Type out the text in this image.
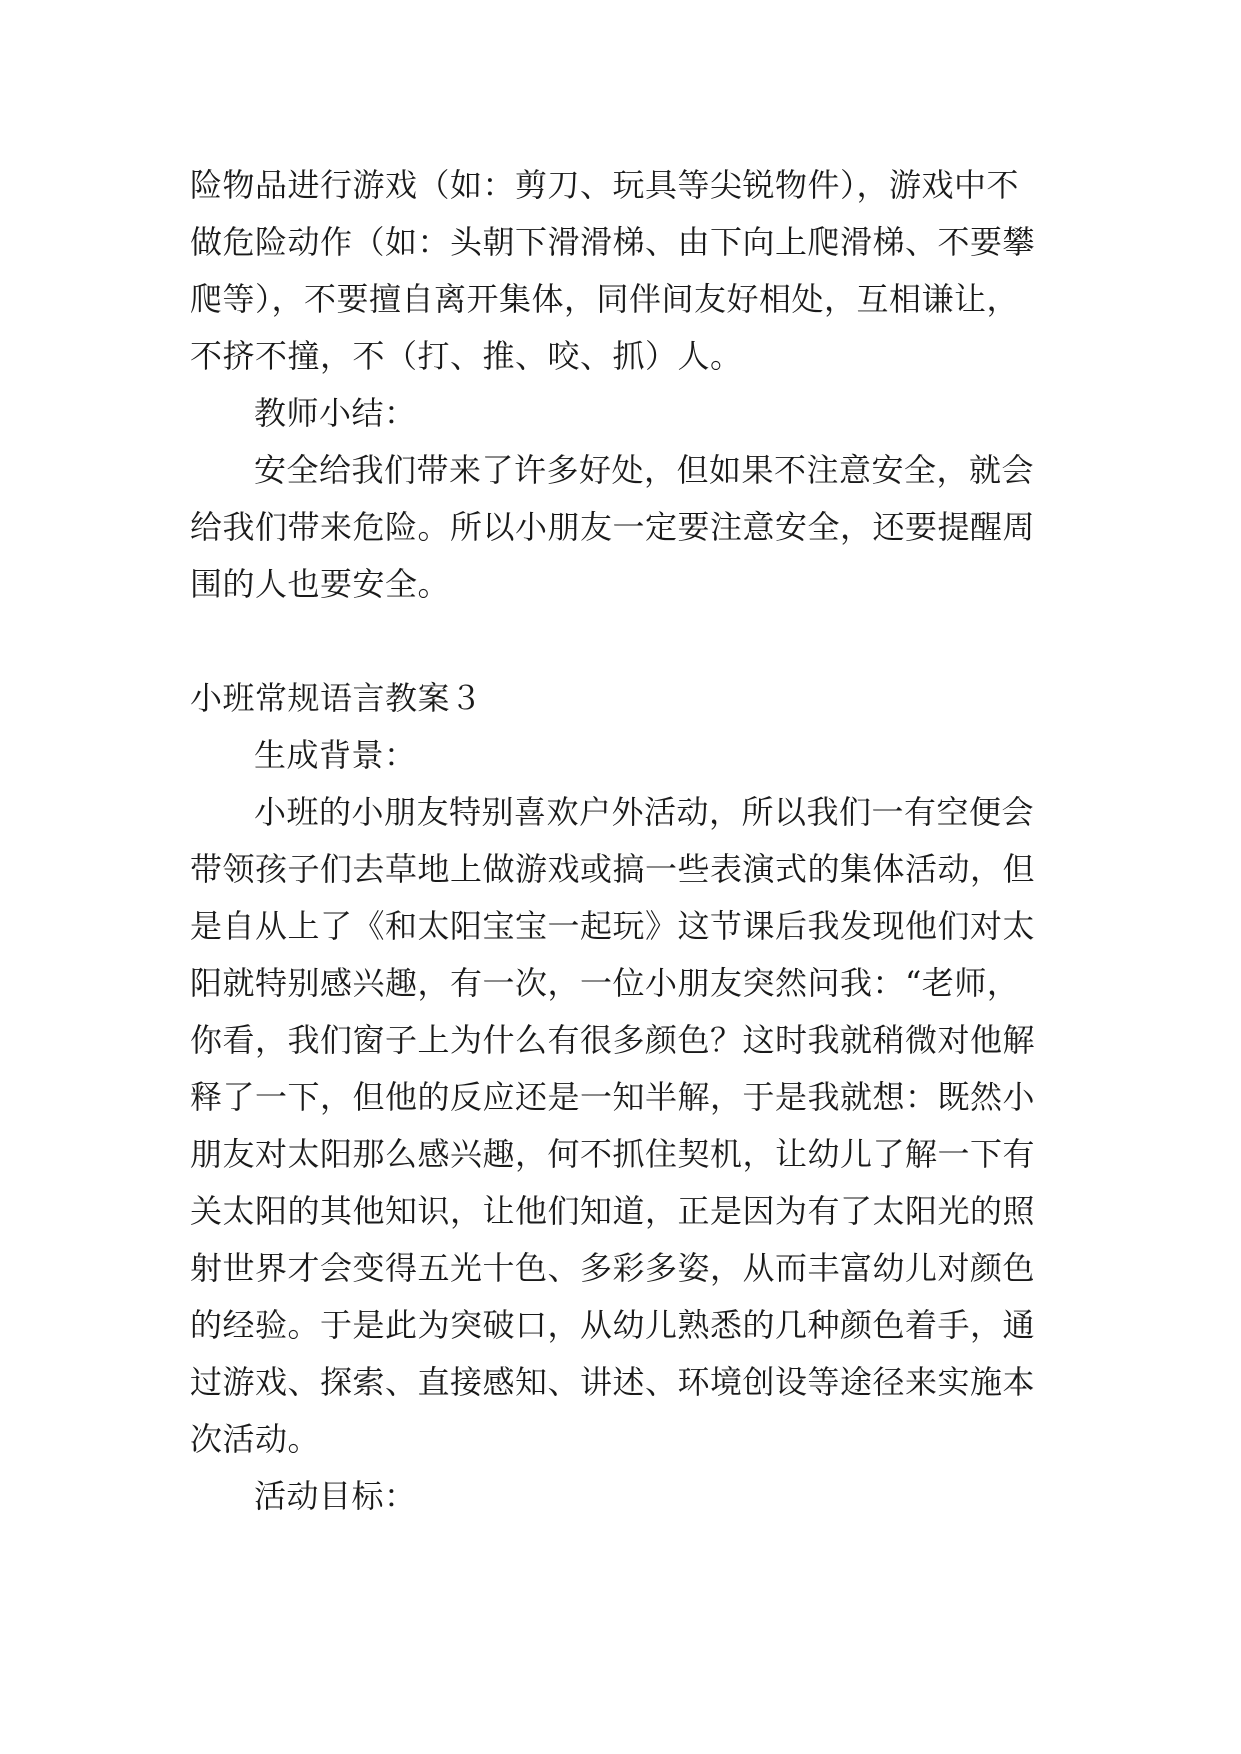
险物品进行游戏（如：剪刀、玩具等尖锐物件），游戏中不
做危险动作（如：头朝下滑滑梯、由下向上爬滑梯、不要攀
爬等），不要擅自离开集体，同伴间友好相处，互相谦让，
不挤不撞，不（打、推、咬、抓）人。
教师小结：
安全给我们带来了许多好处，但如果不注意安全，就会
给我们带来危险。所以小朋友一定要注意安全，还要提醒周
围的人也要安全。
小班常规语言教案３
生成背景：
小班的小朋友特别喜欢户外活动，所以我们一有空便会
带领孩子们去草地上做游戏或搞一些表演式的集体活动，但
是自从上了《和太阳宝宝一起玩》这节课后我发现他们对太
阳就特别感兴趣，有一次，一位小朋友突然问我：“老师，
你看，我们窗子上为什么有很多颜色？这时我就稍微对他解
释了一下，但他的反应还是一知半解，于是我就想：既然小
朋友对太阳那么感兴趣，何不抓住契机，让幼儿了解一下有
关太阳的其他知识，让他们知道，正是因为有了太阳光的照
射世界才会变得五光十色、多彩多姿，从而丰富幼儿对颜色
的经验。于是此为突破口，从幼儿熟悉的几种颜色着手，通
过游戏、探索、直接感知、讲述、环境创设等途径来实施本
次活动。
活动目标：
